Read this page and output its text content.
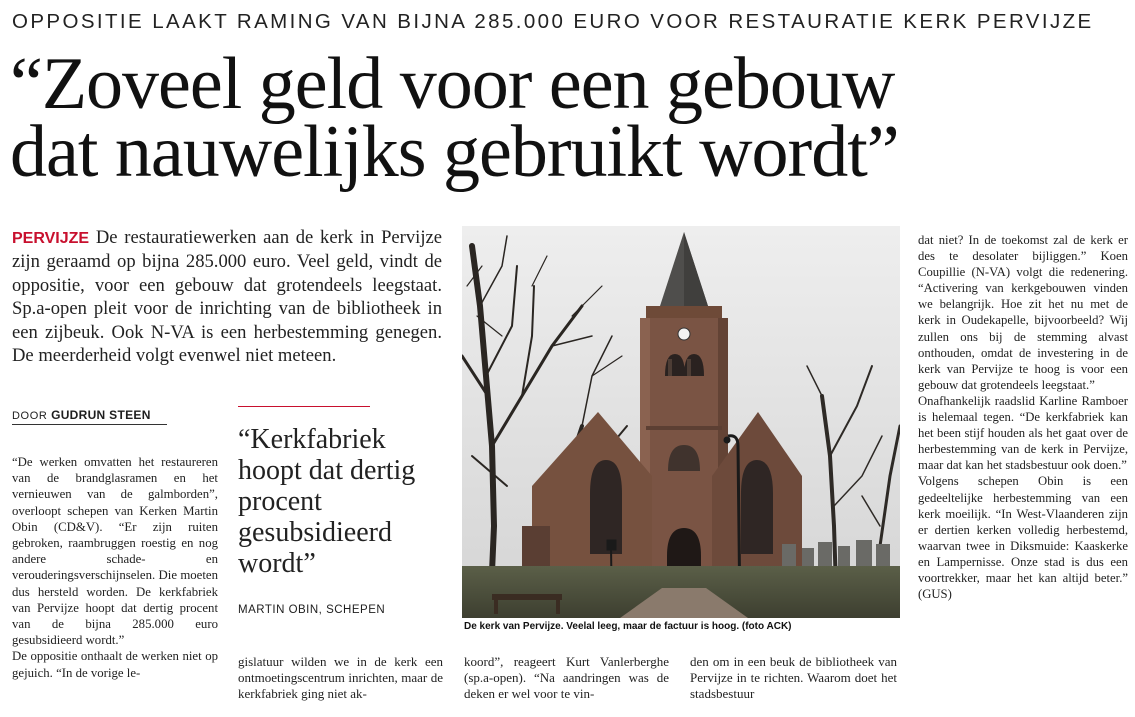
OPPOSITIE LAAKT RAMING VAN BIJNA 285.000 EURO VOOR RESTAURATIE KERK PERVIJZE
“Zoveel geld voor een gebouw
dat nauwelijks gebruikt wordt”
PERVIJZE De restauratiewerken aan de kerk in Pervijze zijn geraamd op bijna 285.000 euro. Veel geld, vindt de oppositie, voor een gebouw dat grotendeels leegstaat. Sp.a-open pleit voor de inrichting van de bibliotheek in een zijbeuk. Ook N-VA is een herbestemming genegen. De meerderheid volgt evenwel niet meteen.
DOOR GUDRUN STEEN

“De werken omvatten het restaureren van de brandglasramen en het vernieuwen van de galmborden”, overloopt schepen van Kerken Martin Obin (CD&V). “Er zijn ruiten gebroken, raambruggen roestig en nog andere schade- en verouderingsverschijnselen. Die moeten dus hersteld worden. De kerkfabriek van Pervijze hoopt dat dertig procent van de bijna 285.000 euro gesubsidieerd wordt.”

De oppositie onthaalt de werken niet op gejuich. “In de vorige le-

“Kerkfabriek hoopt dat dertig procent gesubsidieerd wordt”
MARTIN OBIN, SCHEPEN
gislatuur wilden we in de kerk een ontmoetingscentrum inrichten, maar de kerkfabriek ging niet ak-
koord”, reageert Kurt Vanlerberghe (sp.a-open). “Na aandringen was de deken er wel voor te vin-
den om in een beuk de bibliotheek van Pervijze in te richten. Waarom doet het stadsbestuur

dat niet? In de toekomst zal de kerk er des te desolater bijliggen.” Koen Coupillie (N-VA) volgt die redenering. “Activering van kerkgebouwen vinden we belangrijk. Hoe zit het nu met de kerk in Oudekapelle, bijvoorbeeld? Wij zullen ons bij de stemming alvast onthouden, omdat de investering in de kerk van Pervijze te hoog is voor een gebouw dat grotendeels leegstaat.”

Onafhankelijk raadslid Karline Ramboer is helemaal tegen. “De kerkfabriek kan het been stijf houden als het gaat over de herbestemming van de kerk in Pervijze, maar dat kan het stadsbestuur ook doen.”

Volgens schepen Obin is een gedeeltelijke herbestemming van een kerk moeilijk. “In West-Vlaanderen zijn er dertien kerken volledig herbestemd, waarvan twee in Diksmuide: Kaaskerke en Lampernisse. Onze stad is dus een voortrekker, maar het kan altijd beter.” (GUS)

De kerk van Pervijze. Veelal leeg, maar de factuur is hoog. (foto ACK)
